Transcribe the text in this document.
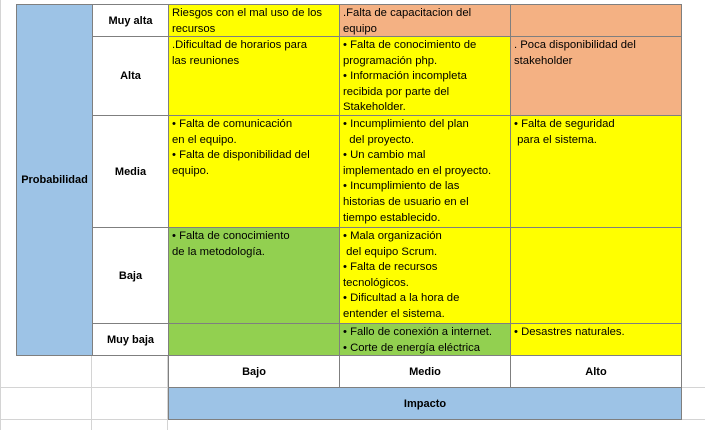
Probabilidad
Muy alta
Alta
Media
Baja
Muy baja
Riesgos con el mal uso de los
recursos
.Falta de capacitacion del
equipo
.Dificultad de horarios para
las reuniones
• Falta de conocimiento de
programación php.
• Información incompleta
recibida por parte del
Stakeholder.
. Poca disponibilidad del
stakeholder
• Falta de comunicación
en el equipo.
• Falta de disponibilidad del
equipo.
• Incumplimiento del plan
del proyecto.
• Un cambio mal
implementado en el proyecto.
• Incumplimiento de las
historias de usuario en el
tiempo establecido.
• Falta de seguridad
para el sistema.
• Falta de conocimiento
de la metodología.
• Mala organización
del equipo Scrum.
• Falta de recursos
tecnológicos.
• Dificultad a la hora de
entender el sistema.
• Fallo de conexión a internet.
• Corte de energía eléctrica
• Desastres naturales.
Bajo	Medio	Alto
Impacto
